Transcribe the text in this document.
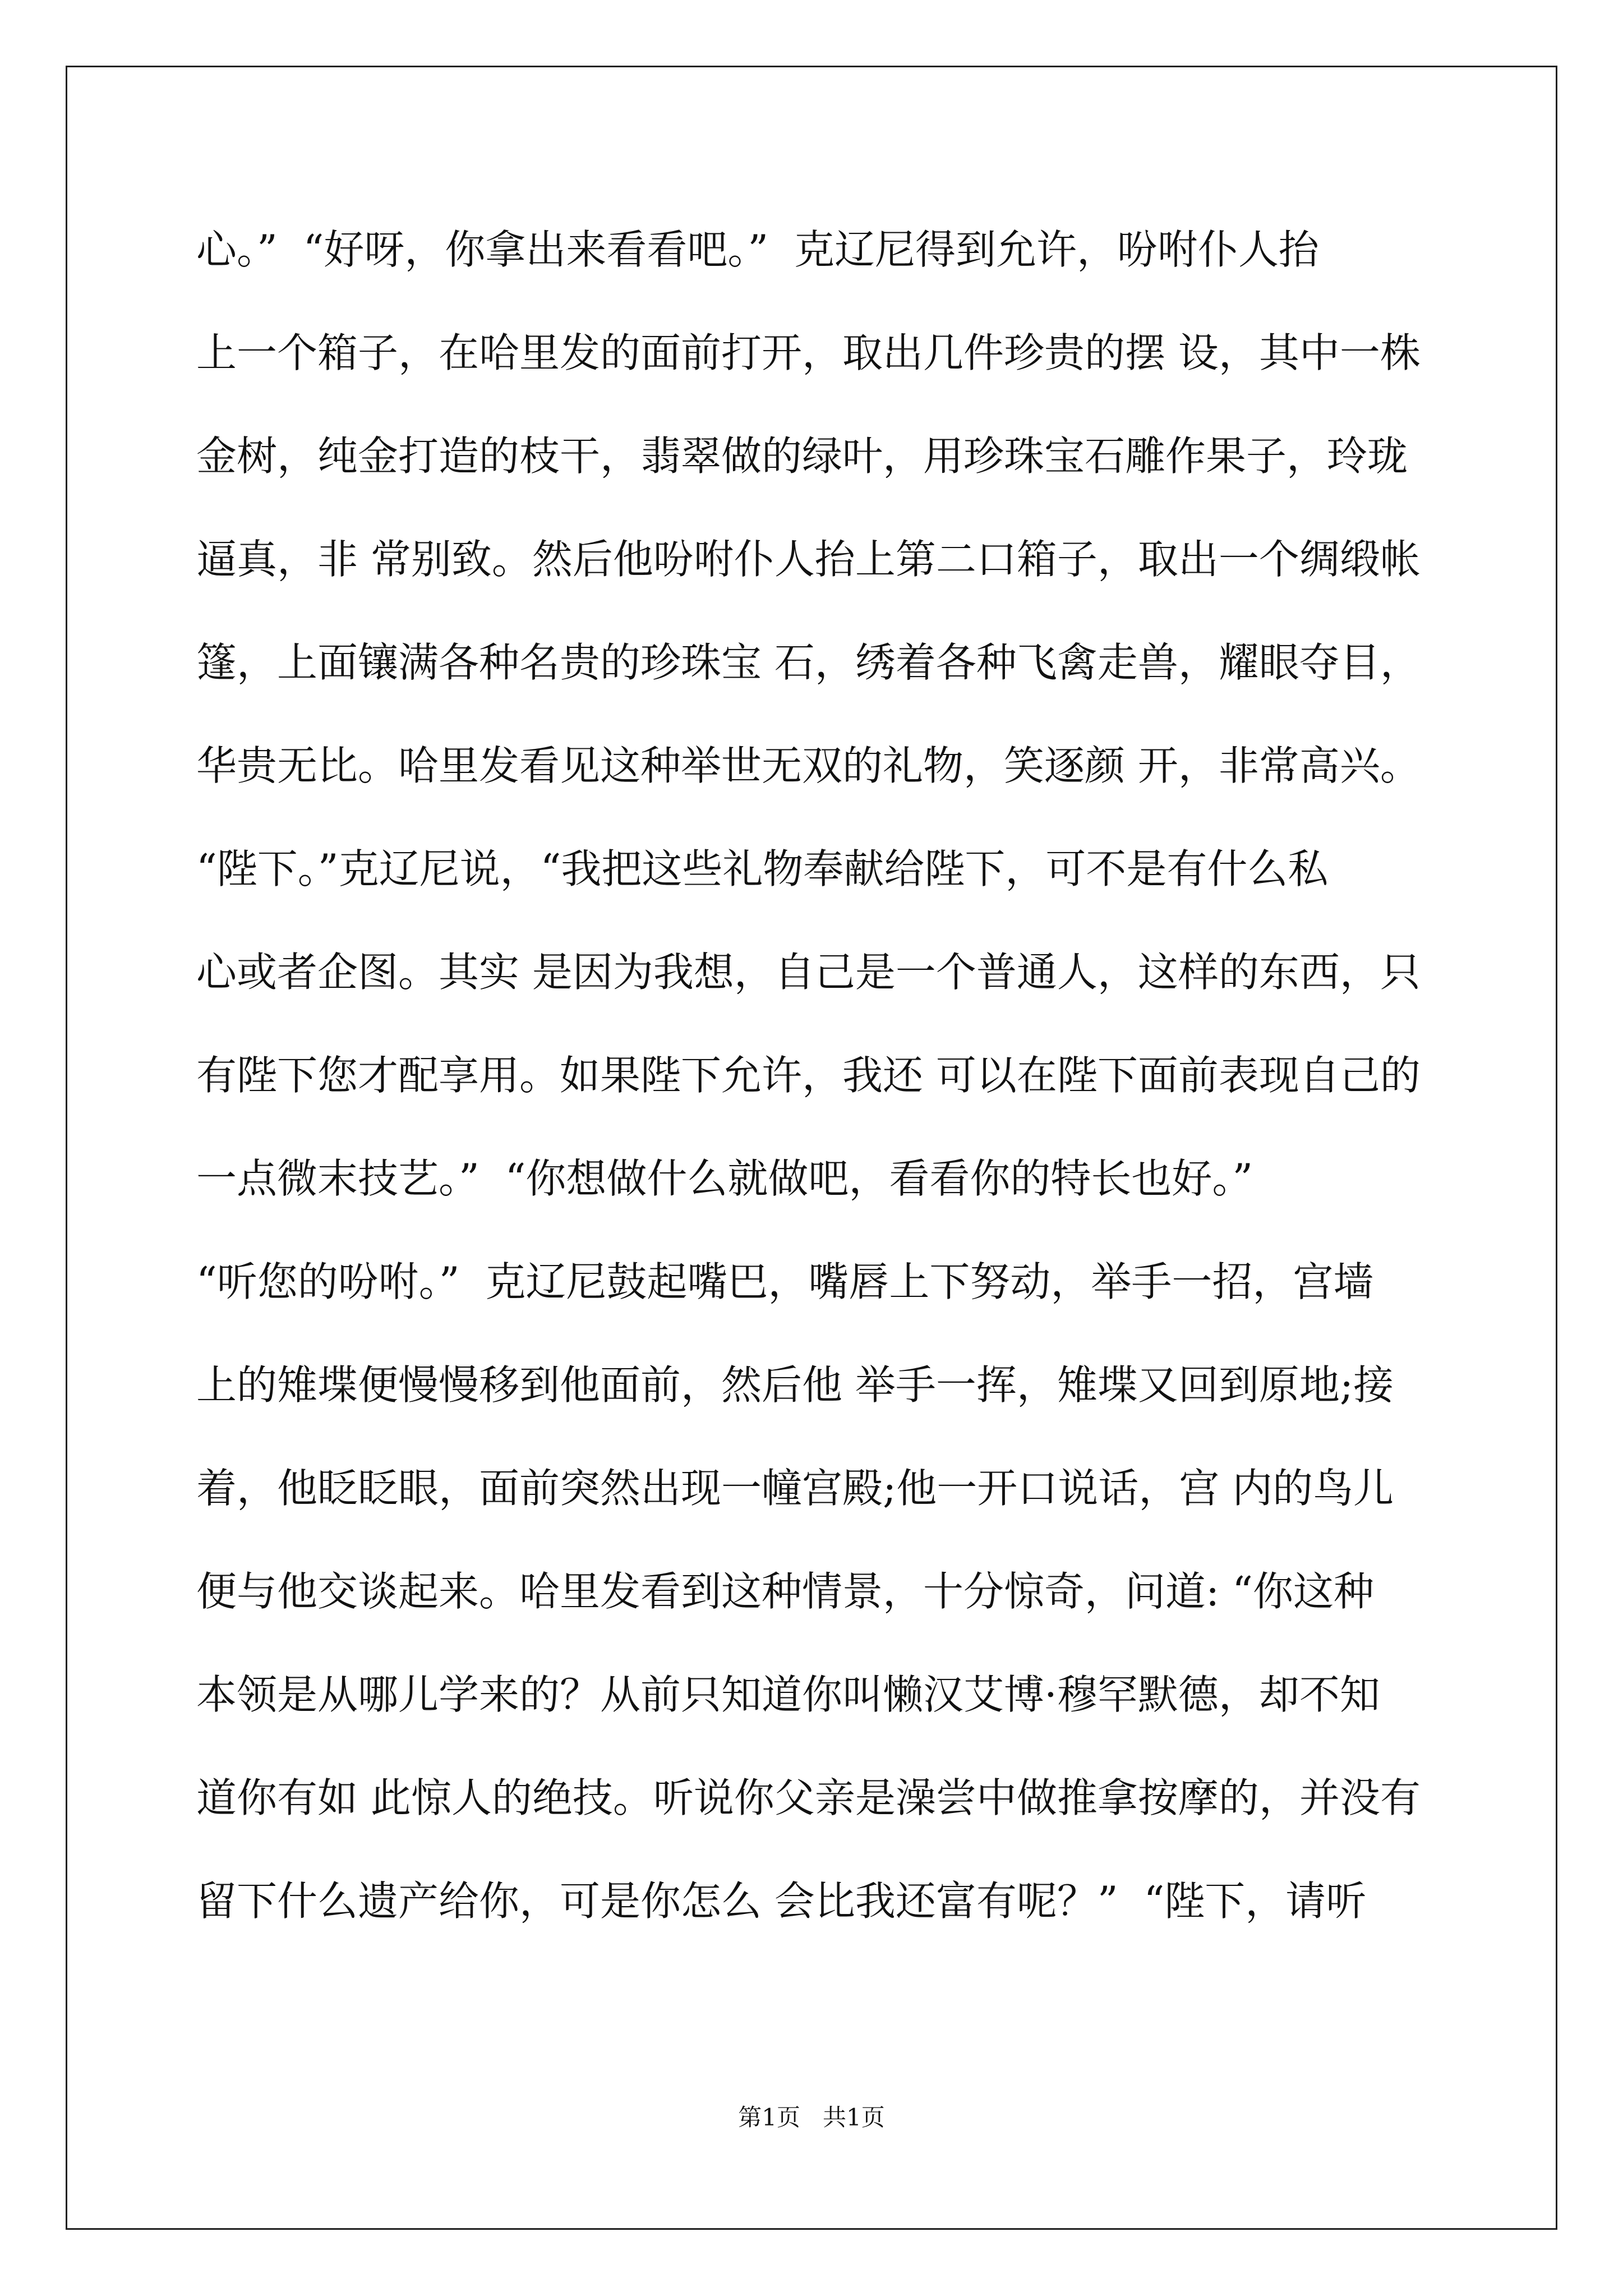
心。”  “好呀，你拿出来看看吧。”  克辽尼得到允许，吩咐仆人抬
上一个箱子，在哈里发的面前打开，取出几件珍贵的摆 设，其中一株
金树，纯金打造的枝干，翡翠做的绿叶，用珍珠宝石雕作果子，玲珑
逼真，非 常别致。然后他吩咐仆人抬上第二口箱子，取出一个绸缎帐
篷，上面镶满各种名贵的珍珠宝 石，绣着各种飞禽走兽，耀眼夺目，
华贵无比。哈里发看见这种举世无双的礼物，笑逐颜 开，非常高兴。
“陛下。”克辽尼说，“我把这些礼物奉献给陛下，可不是有什么私
心或者企图。其实 是因为我想，自己是一个普通人，这样的东西，只
有陛下您才配享用。如果陛下允许，我还 可以在陛下面前表现自己的
一点微末技艺。”  “你想做什么就做吧，看看你的特长也好。”
“听您的吩咐。”  克辽尼鼓起嘴巴，嘴唇上下努动，举手一招，宫墙
上的雉堞便慢慢移到他面前，然后他 举手一挥，雉堞又回到原地;接
着，他眨眨眼，面前突然出现一幢宫殿;他一开口说话，宫 内的鸟儿
便与他交谈起来。哈里发看到这种情景，十分惊奇，问道: “你这种
本领是从哪儿学来的？从前只知道你叫懒汉艾博·穆罕默德，却不知
道你有如 此惊人的绝技。听说你父亲是澡尝中做推拿按摩的，并没有
留下什么遗产给你，可是你怎么 会比我还富有呢？”  “陛下，请听
第1页   共1页
